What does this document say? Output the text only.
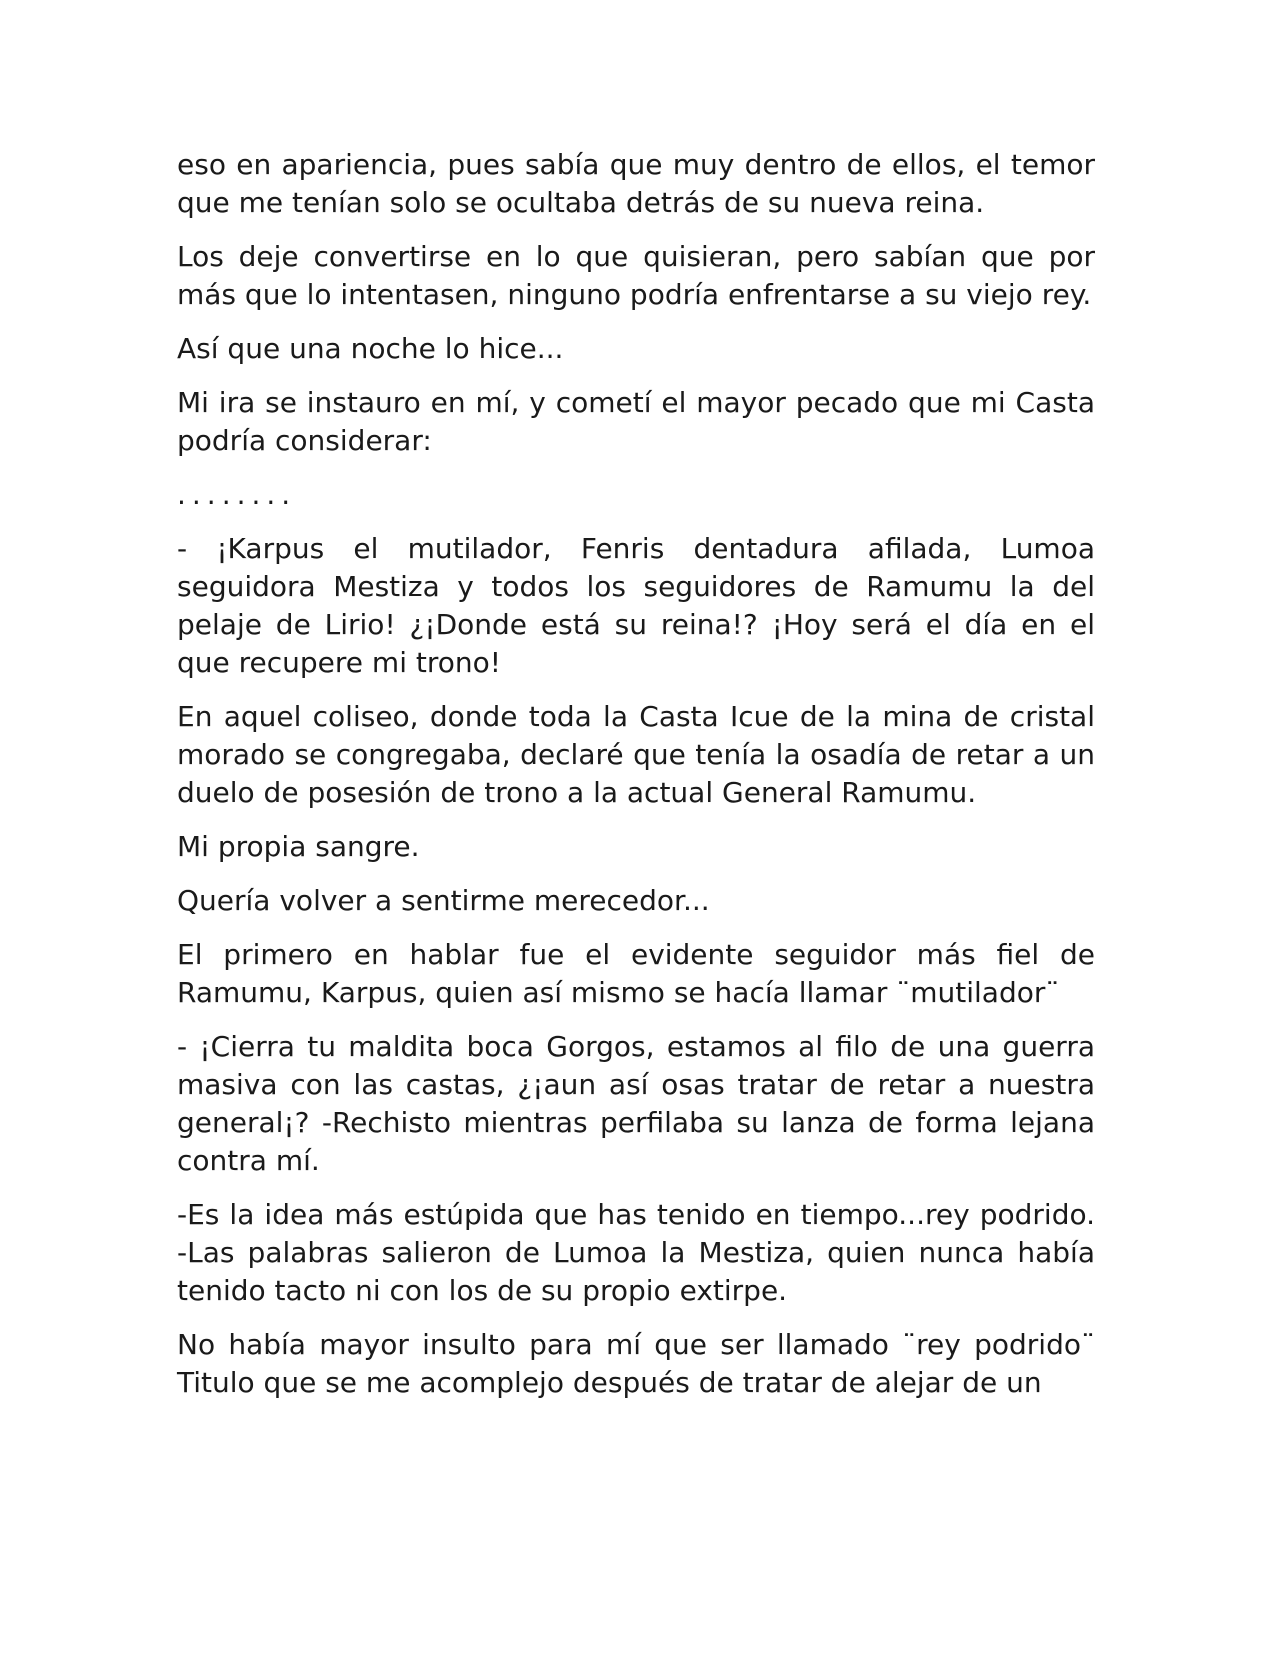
eso en apariencia, pues sabía que muy dentro de ellos, el temor que me tenían solo se ocultaba detrás de su nueva reina.

Los deje convertirse en lo que quisieran, pero sabían que por más que lo intentasen, ninguno podría enfrentarse a su viejo rey.

Así que una noche lo hice...

Mi ira se instauro en mí, y cometí el mayor pecado que mi Casta podría considerar:

........

- ¡Karpus el mutilador, Fenris dentadura afilada, Lumoa seguidora Mestiza y todos los seguidores de Ramumu la del pelaje de Lirio! ¿¡Donde está su reina!? ¡Hoy será el día en el que recupere mi trono!

En aquel coliseo, donde toda la Casta Icue de la mina de cristal morado se congregaba, declaré que tenía la osadía de retar a un duelo de posesión de trono a la actual General Ramumu.

Mi propia sangre.

Quería volver a sentirme merecedor...

El primero en hablar fue el evidente seguidor más fiel de Ramumu, Karpus, quien así mismo se hacía llamar ¨mutilador¨

- ¡Cierra tu maldita boca Gorgos, estamos al filo de una guerra masiva con las castas, ¿¡aun así osas tratar de retar a nuestra general¡? -Rechisto mientras perfilaba su lanza de forma lejana contra mí.

-Es la idea más estúpida que has tenido en tiempo...rey podrido. -Las palabras salieron de Lumoa la Mestiza, quien nunca había tenido tacto ni con los de su propio extirpe.

No había mayor insulto para mí que ser llamado ¨rey podrido¨ Titulo que se me acomplejo después de tratar de alejar de un
